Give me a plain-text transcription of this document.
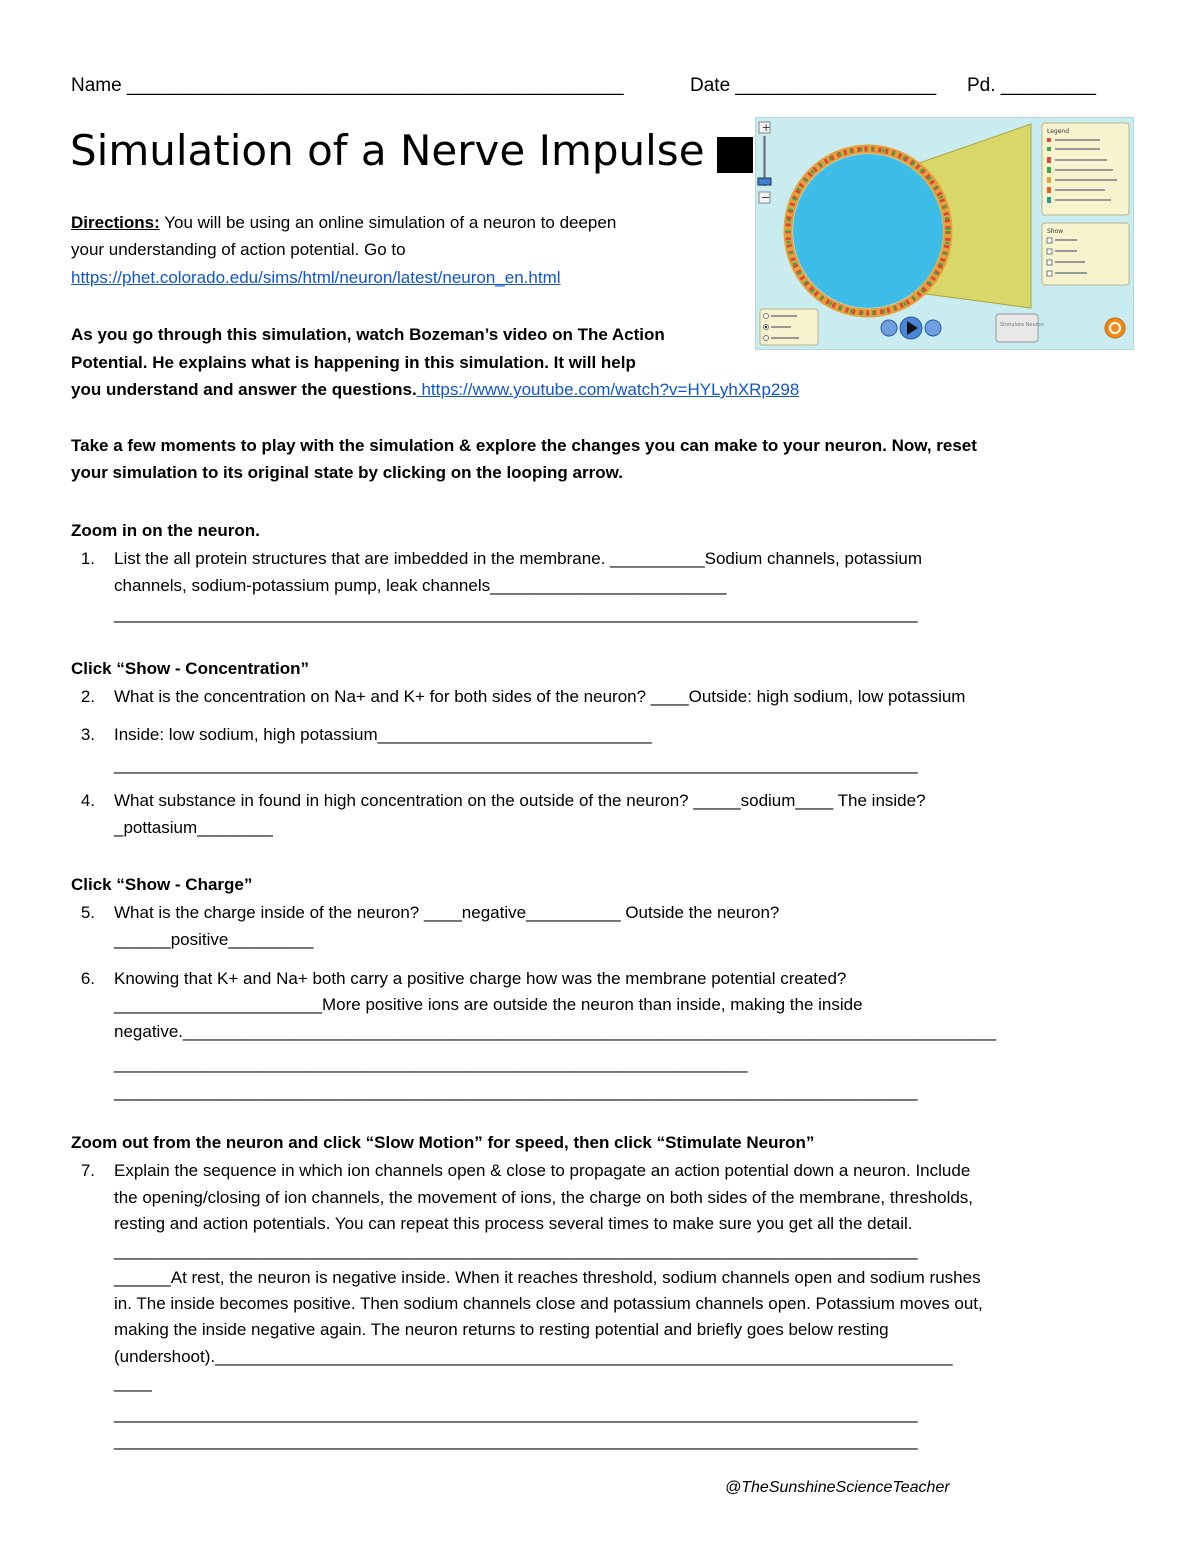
Name _______________________________________________	Date ___________________ Pd. _________
Simulation of a Nerve Impulse	+
−
Legend
Show
Stimulate Neuron
Directions: You will be using an online simulation of a neuron to deepen
your understanding of action potential. Go to
https://phet.colorado.edu/sims/html/neuron/latest/neuron_en.html
As you go through this simulation, watch Bozeman’s video on The Action
Potential. He explains what is happening in this simulation. It will help
you understand and answer the questions. https://www.youtube.com/watch?v=HYLyhXRp298
Take a few moments to play with the simulation & explore the changes you can make to your neuron. Now, reset
your simulation to its original state by clicking on the looping arrow.
Zoom in on the neuron.
1. List the all protein structures that are imbedded in the membrane. __________Sodium channels, potassium
channels, sodium-potassium pump, leak channels_________________________
_____________________________________________________________________________________
Click “Show - Concentration”
2. What is the concentration on Na+ and K+ for both sides of the neuron? ____Outside: high sodium, low potassium
3. Inside: low sodium, high potassium_____________________________
_____________________________________________________________________________________
4. What substance in found in high concentration on the outside of the neuron? _____sodium____ The inside?
_pottasium________
Click “Show - Charge”
5. What is the charge inside of the neuron? ____negative__________ Outside the neuron?
______positive_________
6. Knowing that K+ and Na+ both carry a positive charge how was the membrane potential created?
______________________More positive ions are outside the neuron than inside, making the inside
negative.______________________________________________________________________________________
___________________________________________________________________
_____________________________________________________________________________________
Zoom out from the neuron and click “Slow Motion” for speed, then click “Stimulate Neuron”
7. Explain the sequence in which ion channels open & close to propagate an action potential down a neuron. Include
the opening/closing of ion channels, the movement of ions, the charge on both sides of the membrane, thresholds,
resting and action potentials. You can repeat this process several times to make sure you get all the detail.
_____________________________________________________________________________________
______At rest, the neuron is negative inside. When it reaches threshold, sodium channels open and sodium rushes
in. The inside becomes positive. Then sodium channels close and potassium channels open. Potassium moves out,
making the inside negative again. The neuron returns to resting potential and briefly goes below resting
(undershoot).______________________________________________________________________________
____
_____________________________________________________________________________________
_____________________________________________________________________________________
@TheSunshineScienceTeacher
